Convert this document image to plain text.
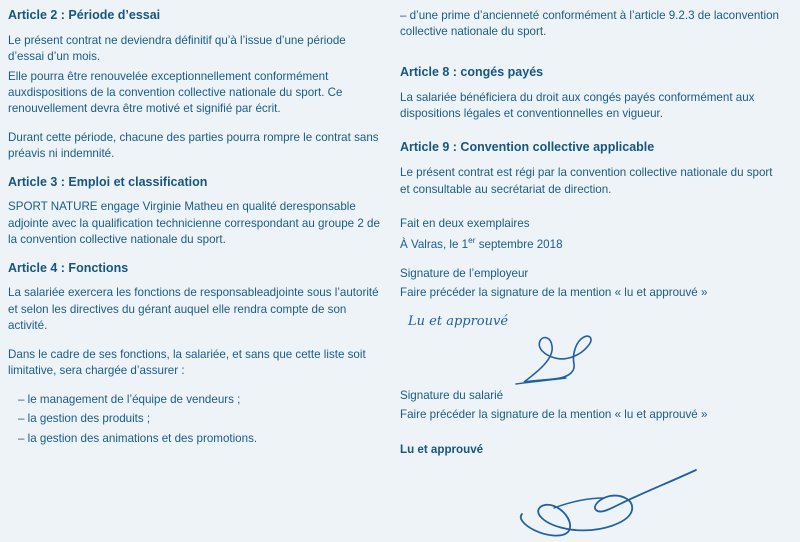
Article 2 : Période d’essai

Le présent contrat ne deviendra définitif qu’à l’issue d’une période d’essai d’un mois.

Elle pourra être renouvelée exceptionnellement conformément auxdispositions de la convention collective nationale du sport. Ce renouvellement devra être motivé et signifié par écrit.

Durant cette période, chacune des parties pourra rompre le contrat sans préavis ni indemnité.

Article 3 : Emploi et classification

SPORT NATURE engage Virginie Matheu en qualité deresponsable adjointe avec la qualification technicienne correspondant au groupe 2 de la convention collective nationale du sport.

Article 4 : Fonctions

La salariée exercera les fonctions de responsableadjointe sous l’autorité et selon les directives du gérant auquel elle rendra compte de son activité.

Dans le cadre de ses fonctions, la salariée, et sans que cette liste soit limitative, sera chargée d’assurer :

– le management de l’équipe de vendeurs ;

– la gestion des produits ;

– la gestion des animations et des promotions.

– d’une prime d’ancienneté conformément à l’article 9.2.3 de laconvention collective nationale du sport.

Article 8 : congés payés

La salariée bénéficiera du droit aux congés payés conformément aux dispositions légales et conventionnelles en vigueur.

Article 9 : Convention collective applicable

Le présent contrat est régi par la convention collective nationale du sport et consultable au secrétariat de direction.

Fait en deux exemplaires

À Valras, le 1er septembre 2018

Signature de l’employeur

Faire précéder la signature de la mention « lu et approuvé »

Lu et approuvé

Signature du salarié

Faire précéder la signature de la mention « lu et approuvé »

Lu et approuvé
